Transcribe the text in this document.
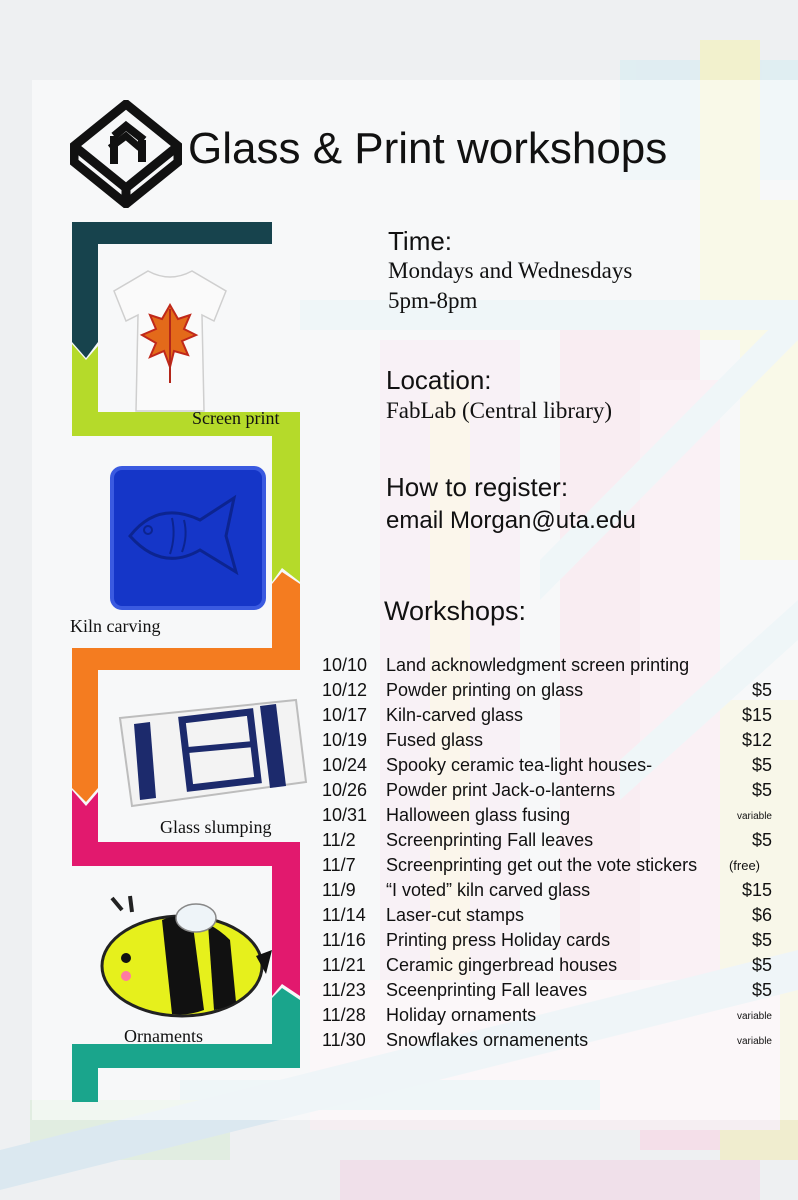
Glass & Print workshops
Screen print
Kiln carving
Glass slumping
Ornaments
Time:
Mondays and Wednesdays
5pm-8pm
Location:
FabLab (Central library)
How to register:
email Morgan@uta.edu
Workshops:
10/10 Land acknowledgment screen printing
10/12 Powder printing on glass	$5
10/17 Kiln-carved glass	$15
10/19 Fused glass	$12
10/24 Spooky ceramic tea-light houses-	$5
10/26 Powder print Jack-o-lanterns	$5
10/31 Halloween glass fusing	variable
11/2 Screenprinting Fall leaves	$5
11/7 Screenprinting get out the vote stickers (free)
11/9 “I voted” kiln carved glass	$15
11/14 Laser-cut stamps	$6
11/16 Printing press Holiday cards	$5
11/21 Ceramic gingerbread houses	$5
11/23 Sceenprinting Fall leaves	$5
11/28 Holiday ornaments	variable
11/30 Snowflakes ornamenents	variable
